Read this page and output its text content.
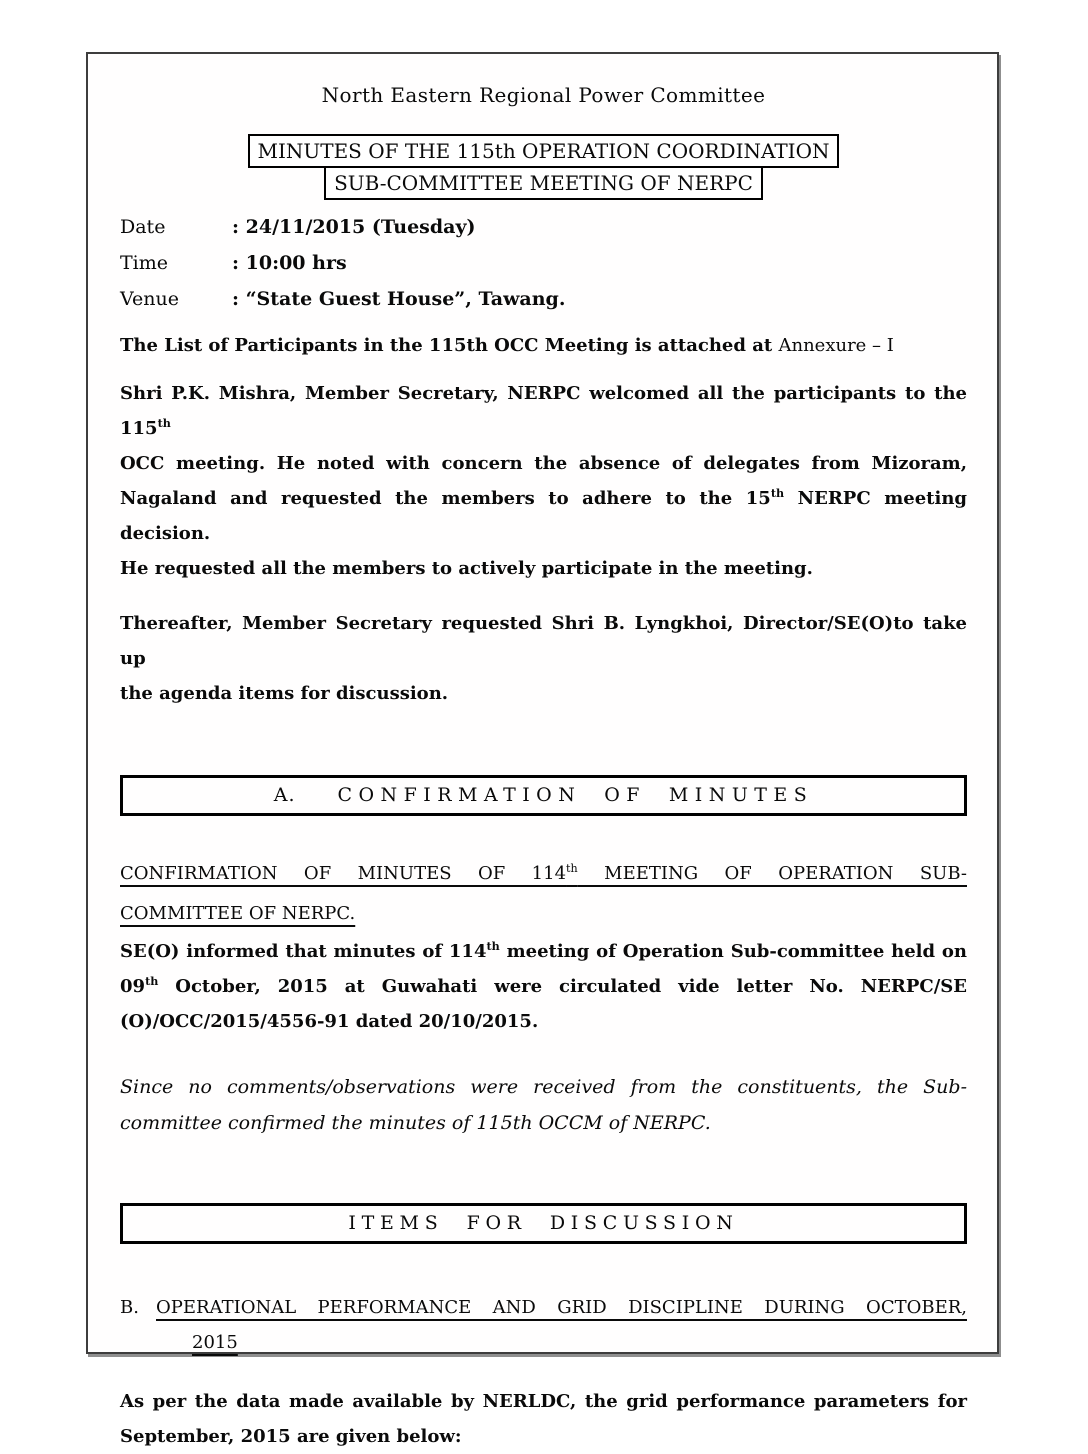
North Eastern Regional Power Committee
MINUTES OF THE 115th OPERATION COORDINATION
SUB-COMMITTEE MEETING OF NERPC
Date	: 24/11/2015 (Tuesday)
Time	: 10:00 hrs
Venue	: “State Guest House”, Tawang.
The List of Participants in the 115th OCC Meeting is attached at Annexure – I
Shri P.K. Mishra, Member Secretary, NERPC welcomed all the participants to the 115th
OCC meeting. He noted with concern the absence of delegates from Mizoram,
Nagaland and requested the members to adhere to the 15th NERPC meeting decision.
He requested all the members to actively participate in the meeting.
Thereafter, Member Secretary requested Shri B. Lyngkhoi, Director/SE(O)to take up
the agenda items for discussion.
A. CONFIRMATION OF MINUTES
CONFIRMATION OF MINUTES OF 114th MEETING OF OPERATION SUB-
COMMITTEE OF NERPC.
SE(O) informed that minutes of 114th meeting of Operation Sub-committee held on
09th October, 2015 at Guwahati were circulated vide letter No. NERPC/SE
(O)/OCC/2015/4556-91 dated 20/10/2015.
Since no comments/observations were received from the constituents, the Sub-
committee confirmed the minutes of 115th OCCM of NERPC.
ITEMS FOR DISCUSSION
B. OPERATIONAL PERFORMANCE AND GRID DISCIPLINE DURING OCTOBER,
2015
As per the data made available by NERLDC, the grid performance parameters for
September, 2015 are given below:
